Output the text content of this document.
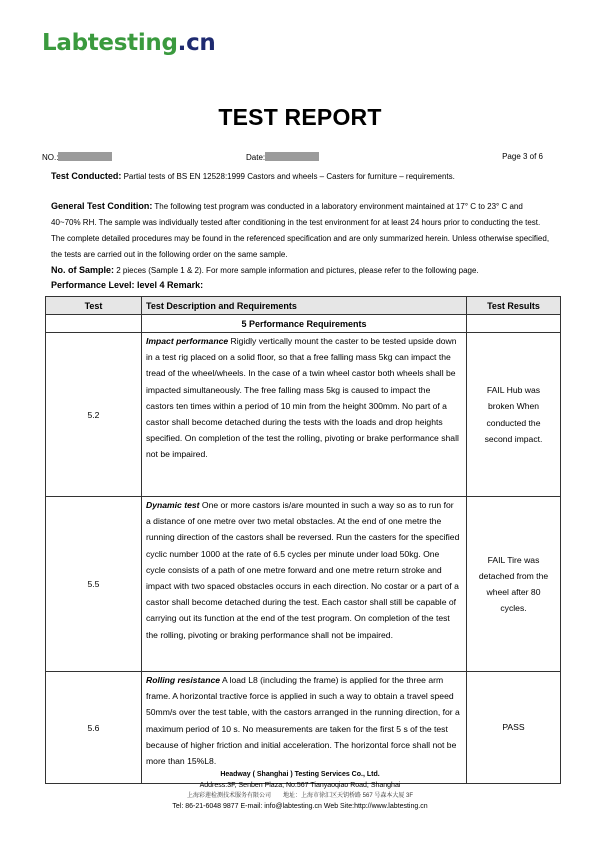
Labtesting.cn
TEST REPORT
NO.:	Date:	Page 3 of 6
Test Conducted: Partial tests of BS EN 12528:1999 Castors and wheels – Casters for furniture – requirements.
General Test Condition: The following test program was conducted in a laboratory environment maintained at 17° C to 23° C and 40~70% RH. The sample was individually tested after conditioning in the test environment for at least 24 hours prior to conducting the test. The complete detailed procedures may be found in the referenced specification and are only summarized herein. Unless otherwise specified, the tests are carried out in the following order on the same sample.
No. of Sample: 2 pieces (Sample 1 & 2). For more sample information and pictures, please refer to the following page.
Performance Level: level 4 Remark:
Test	Test Description and Requirements	Test Results
	5 Performance Requirements	
5.2	Impact performance Rigidly vertically mount the caster to be tested upside down in a test rig placed on a solid floor, so that a free falling mass 5kg can impact the tread of the wheel/wheels. In the case of a twin wheel castor both wheels shall be impacted simultaneously. The free falling mass 5kg is caused to impact the castors ten times within a period of 10 min from the height 300mm. No part of a castor shall become detached during the tests with the loads and drop heights specified. On completion of the test the rolling, pivoting or brake performance shall not be impaired.	FAIL Hub was broken When conducted the second impact.
5.5	Dynamic test One or more castors is/are mounted in such a way so as to run for a distance of one metre over two metal obstacles. At the end of one metre the running direction of the castors shall be reversed. Run the casters for the specified cyclic number 1000 at the rate of 6.5 cycles per minute under load 50kg. One cycle consists of a path of one metre forward and one metre return stroke and impact with two spaced obstacles occurs in each direction. No costar or a part of a castor shall become detached during the test. Each castor shall still be capable of carrying out its function at the end of the test program. On completion of the test the rolling, pivoting or braking performance shall not be impaired.	FAIL Tire was detached from the wheel after 80 cycles.
5.6	Rolling resistance A load L8 (including the frame) is applied for the three arm frame. A horizontal tractive force is applied in such a way to obtain a travel speed 50mm/s over the test table, with the castors arranged in the running direction, for a maximum period of 10 s. No measurements are taken for the first 5 s of the test because of higher friction and initial acceleration. The horizontal force shall not be more than 15%L8.	PASS
Headway ( Shanghai ) Testing Services Co., Ltd.
Address:3F, Senben Plaza, No.567 Tianyaoqiao Road, Shanghai
上海彩莲检测技术服务有限公司　　地址：上海市徐汇区天钥桥路 567 号森本大厦 3F
Tel: 86-21-6048 9877 E-mail: info@labtesting.cn Web Site:http://www.labtesting.cn
